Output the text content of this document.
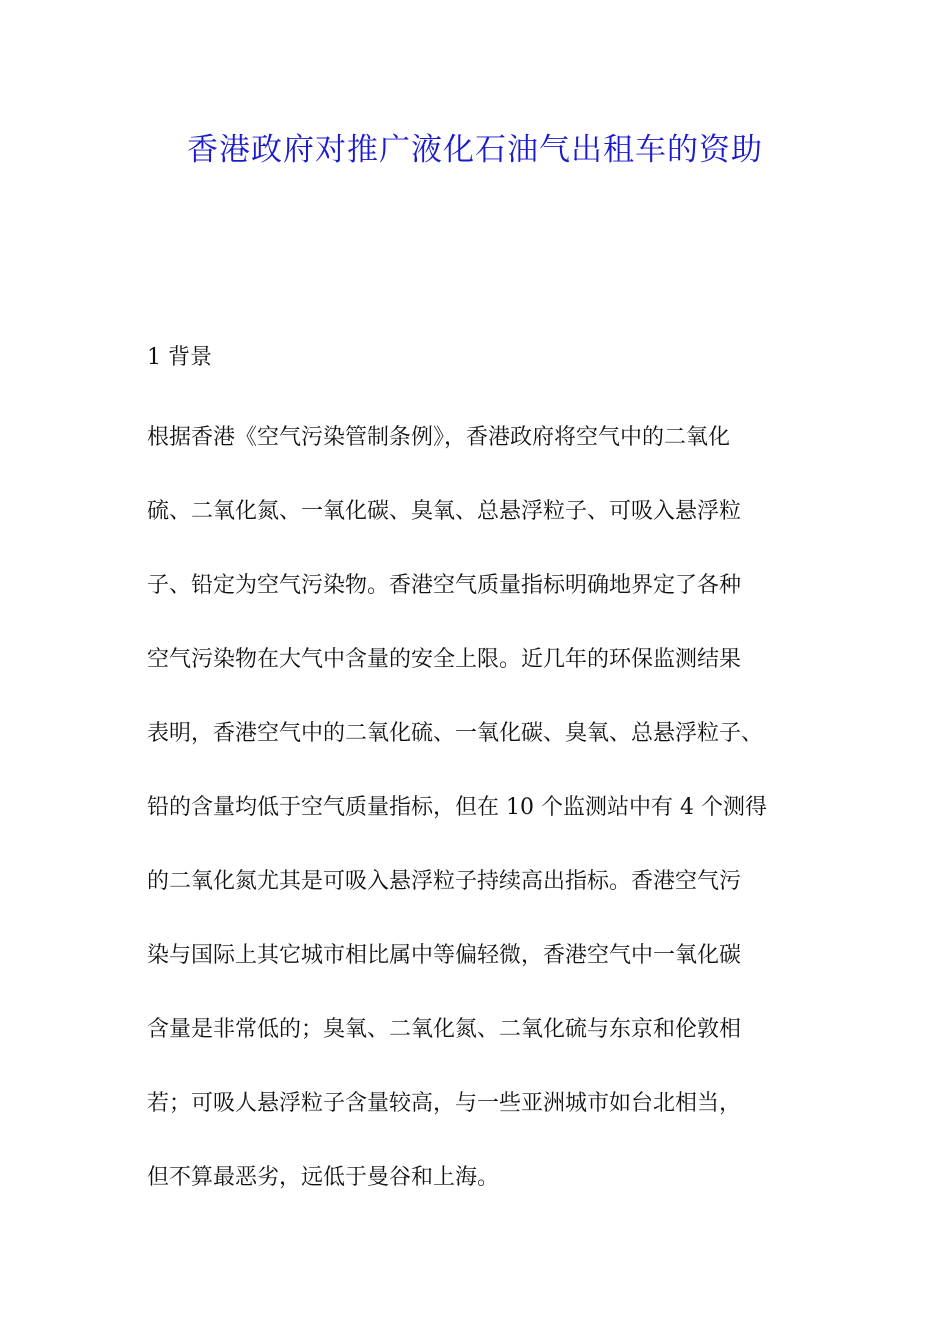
香港政府对推广液化石油气出租车的资助

1 背景

根据香港《空气污染管制条例》，香港政府将空气中的二氧化
硫、二氧化氮、一氧化碳、臭氧、总悬浮粒子、可吸入悬浮粒
子、铅定为空气污染物。香港空气质量指标明确地界定了各种
空气污染物在大气中含量的安全上限。近几年的环保监测结果
表明，香港空气中的二氧化硫、一氧化碳、臭氧、总悬浮粒子、
铅的含量均低于空气质量指标，但在 10 个监测站中有 4 个测得
的二氧化氮尤其是可吸入悬浮粒子持续高出指标。香港空气污
染与国际上其它城市相比属中等偏轻微，香港空气中一氧化碳
含量是非常低的；臭氧、二氧化氮、二氧化硫与东京和伦敦相
若；可吸人悬浮粒子含量较高，与一些亚洲城市如台北相当，
但不算最恶劣，远低于曼谷和上海。
